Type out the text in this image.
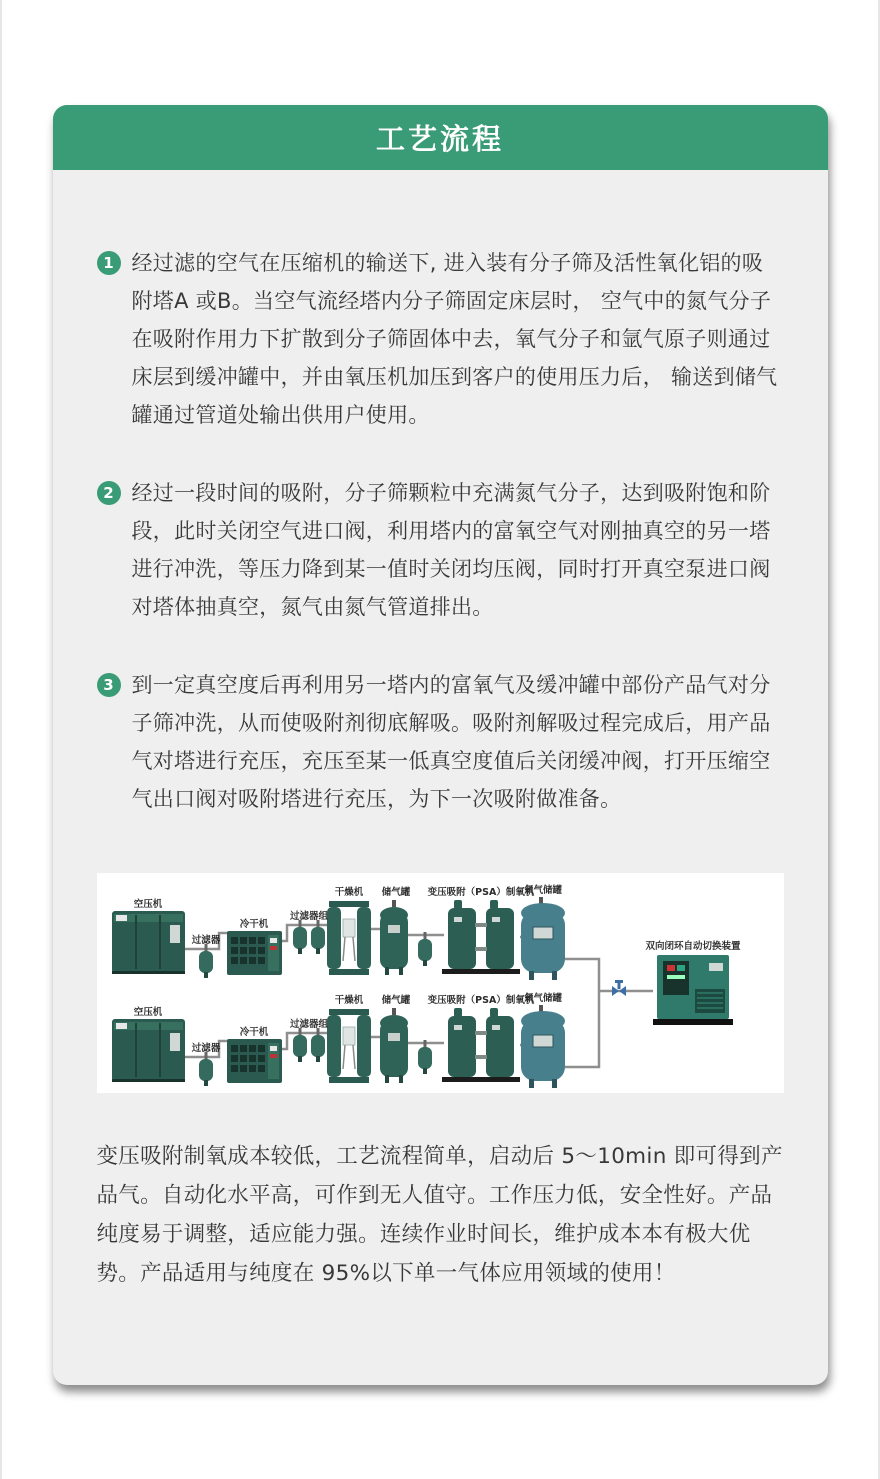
工艺流程
1 经过滤的空气在压缩机的输送下, 进入装有分子筛及活性氧化铝的吸附塔A 或B。当空气流经塔内分子筛固定床层时， 空气中的氮气分子在吸附作用力下扩散到分子筛固体中去，氧气分子和氩气原子则通过床层到缓冲罐中，并由氧压机加压到客户的使用压力后， 输送到储气罐通过管道处输出供用户使用。
2 经过一段时间的吸附，分子筛颗粒中充满氮气分子，达到吸附饱和阶段，此时关闭空气进口阀，利用塔内的富氧空气对刚抽真空的另一塔进行冲洗，等压力降到某一值时关闭均压阀，同时打开真空泵进口阀对塔体抽真空，氮气由氮气管道排出。
3 到一定真空度后再利用另一塔内的富氧气及缓冲罐中部份产品气对分子筛冲洗，从而使吸附剂彻底解吸。吸附剂解吸过程完成后，用产品气对塔进行充压，充压至某一低真空度值后关闭缓冲阀，打开压缩空气出口阀对吸附塔进行充压，为下一次吸附做准备。
空压机
过滤器
冷干机
过滤器组
干燥机 储气罐 变压吸附（PSA）制氧机
氧气储罐
空压机
过滤器
冷干机
过滤器组
干燥机 储气罐 变压吸附（PSA）制氧机
氧气储罐
双向闭环自动切换装置
变压吸附制氧成本较低，工艺流程简单，启动后 5～10min 即可得到产品气。自动化水平高，可作到无人值守。工作压力低，安全性好。产品纯度易于调整，适应能力强。连续作业时间长，维护成本本有极大优势。产品适用与纯度在 95%以下单一气体应用领域的使用！
